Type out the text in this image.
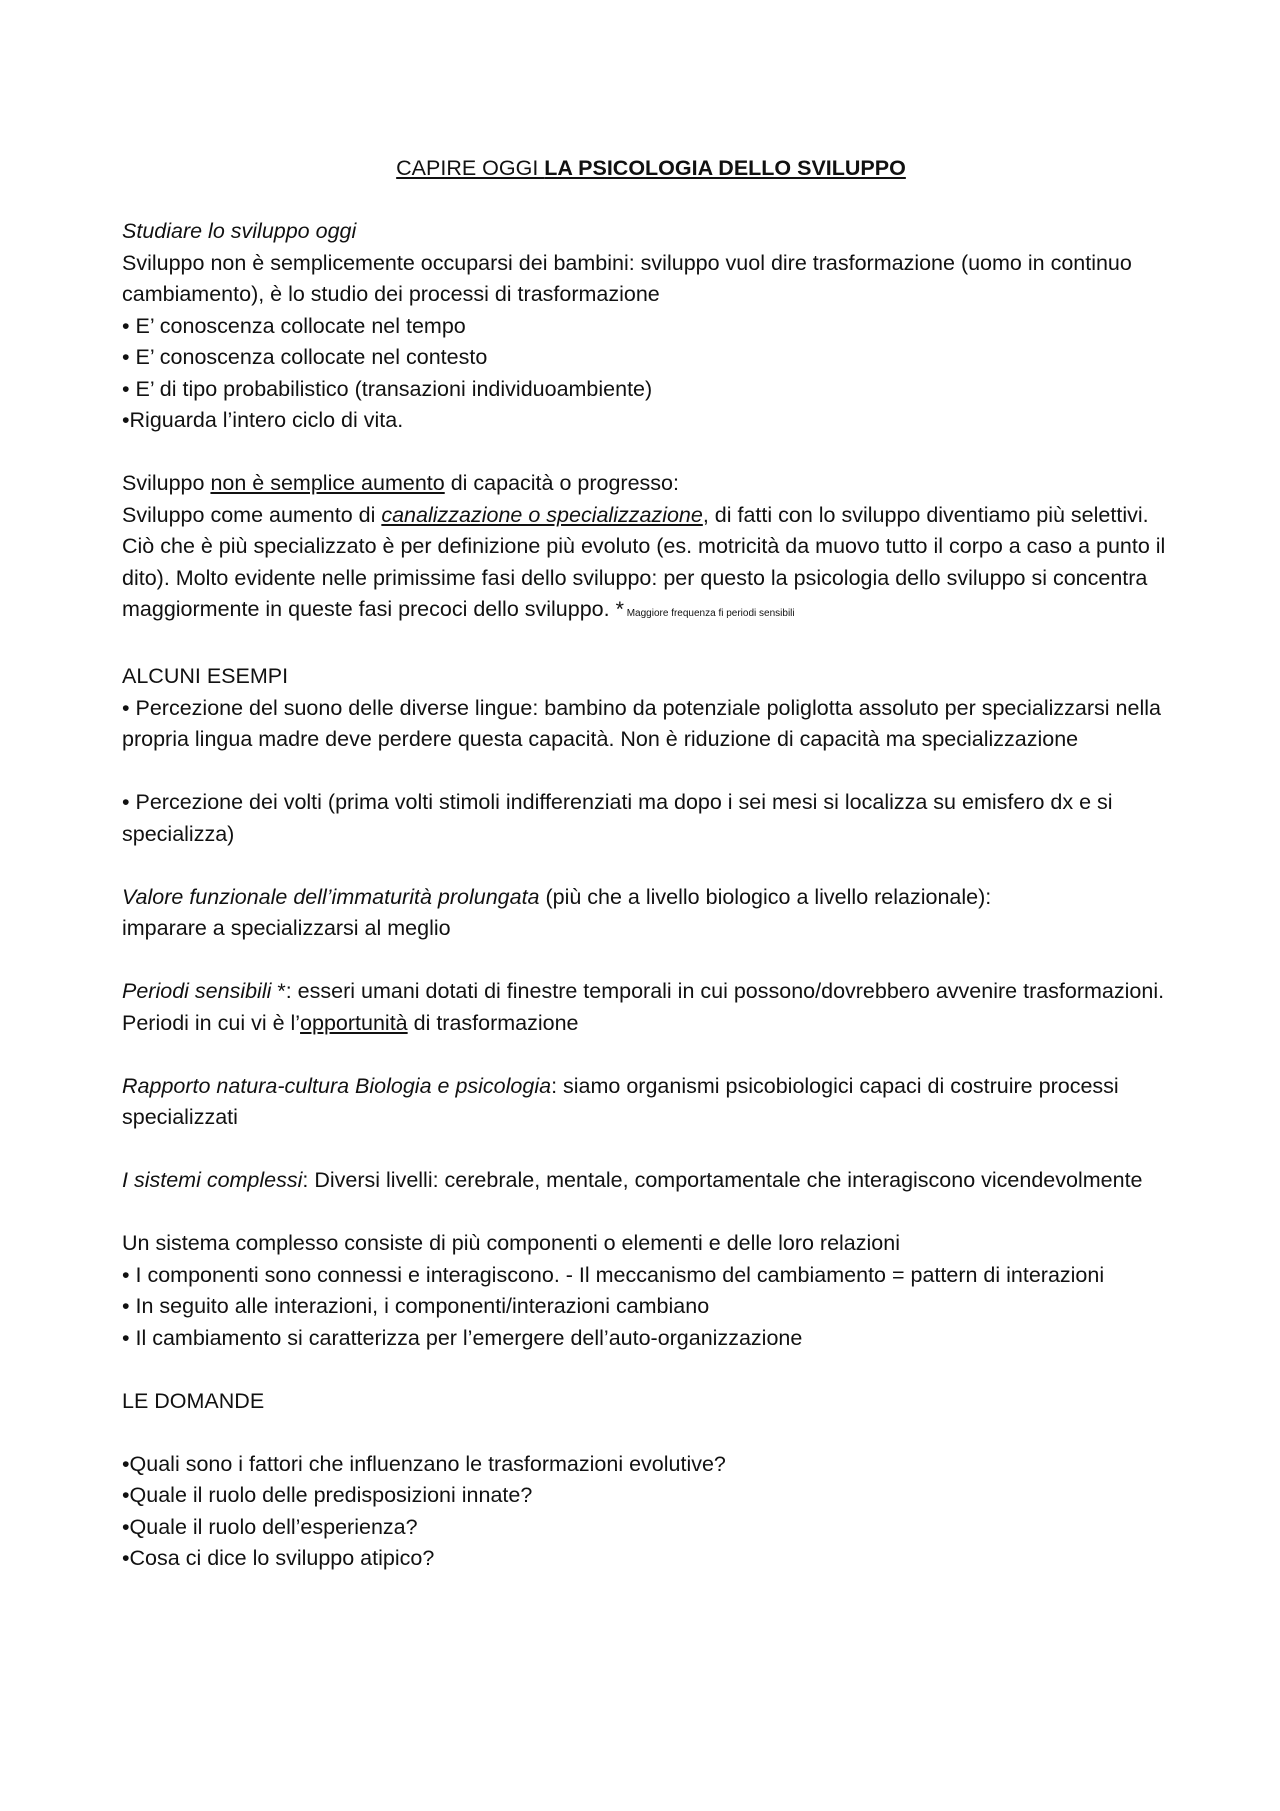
CAPIRE OGGI LA PSICOLOGIA DELLO SVILUPPO

Studiare lo sviluppo oggi

Sviluppo non è semplicemente occuparsi dei bambini: sviluppo vuol dire trasformazione (uomo in continuo cambiamento), è lo studio dei processi di trasformazione

• E’ conoscenza collocate nel tempo

• E’ conoscenza collocate nel contesto

• E’ di tipo probabilistico (transazioni individuoambiente)

•Riguarda l’intero ciclo di vita.

Sviluppo non è semplice aumento di capacità o progresso:

Sviluppo come aumento di canalizzazione o specializzazione, di fatti con lo sviluppo diventiamo più selettivi. Ciò che è più specializzato è per definizione più evoluto (es. motricità da muovo tutto il corpo a caso a punto il dito). Molto evidente nelle primissime fasi dello sviluppo: per questo la psicologia dello sviluppo si concentra maggiormente in queste fasi precoci dello sviluppo. * Maggiore frequenza fi periodi sensibili

ALCUNI ESEMPI

• Percezione del suono delle diverse lingue: bambino da potenziale poliglotta assoluto per specializzarsi nella propria lingua madre deve perdere questa capacità. Non è riduzione di capacità ma specializzazione

• Percezione dei volti (prima volti stimoli indifferenziati ma dopo i sei mesi si localizza su emisfero dx e si specializza)

Valore funzionale dell’immaturità prolungata (più che a livello biologico a livello relazionale):

imparare a specializzarsi al meglio

Periodi sensibili *: esseri umani dotati di finestre temporali in cui possono/dovrebbero avvenire trasformazioni. Periodi in cui vi è l’opportunità di trasformazione

Rapporto natura-cultura Biologia e psicologia: siamo organismi psicobiologici capaci di costruire processi specializzati

I sistemi complessi: Diversi livelli: cerebrale, mentale, comportamentale che interagiscono vicendevolmente

Un sistema complesso consiste di più componenti o elementi e delle loro relazioni

• I componenti sono connessi e interagiscono. - Il meccanismo del cambiamento = pattern di interazioni

• In seguito alle interazioni, i componenti/interazioni cambiano

• Il cambiamento si caratterizza per l’emergere dell’auto-organizzazione

LE DOMANDE

•Quali sono i fattori che influenzano le trasformazioni evolutive?

•Quale il ruolo delle predisposizioni innate?

•Quale il ruolo dell’esperienza?

•Cosa ci dice lo sviluppo atipico?
